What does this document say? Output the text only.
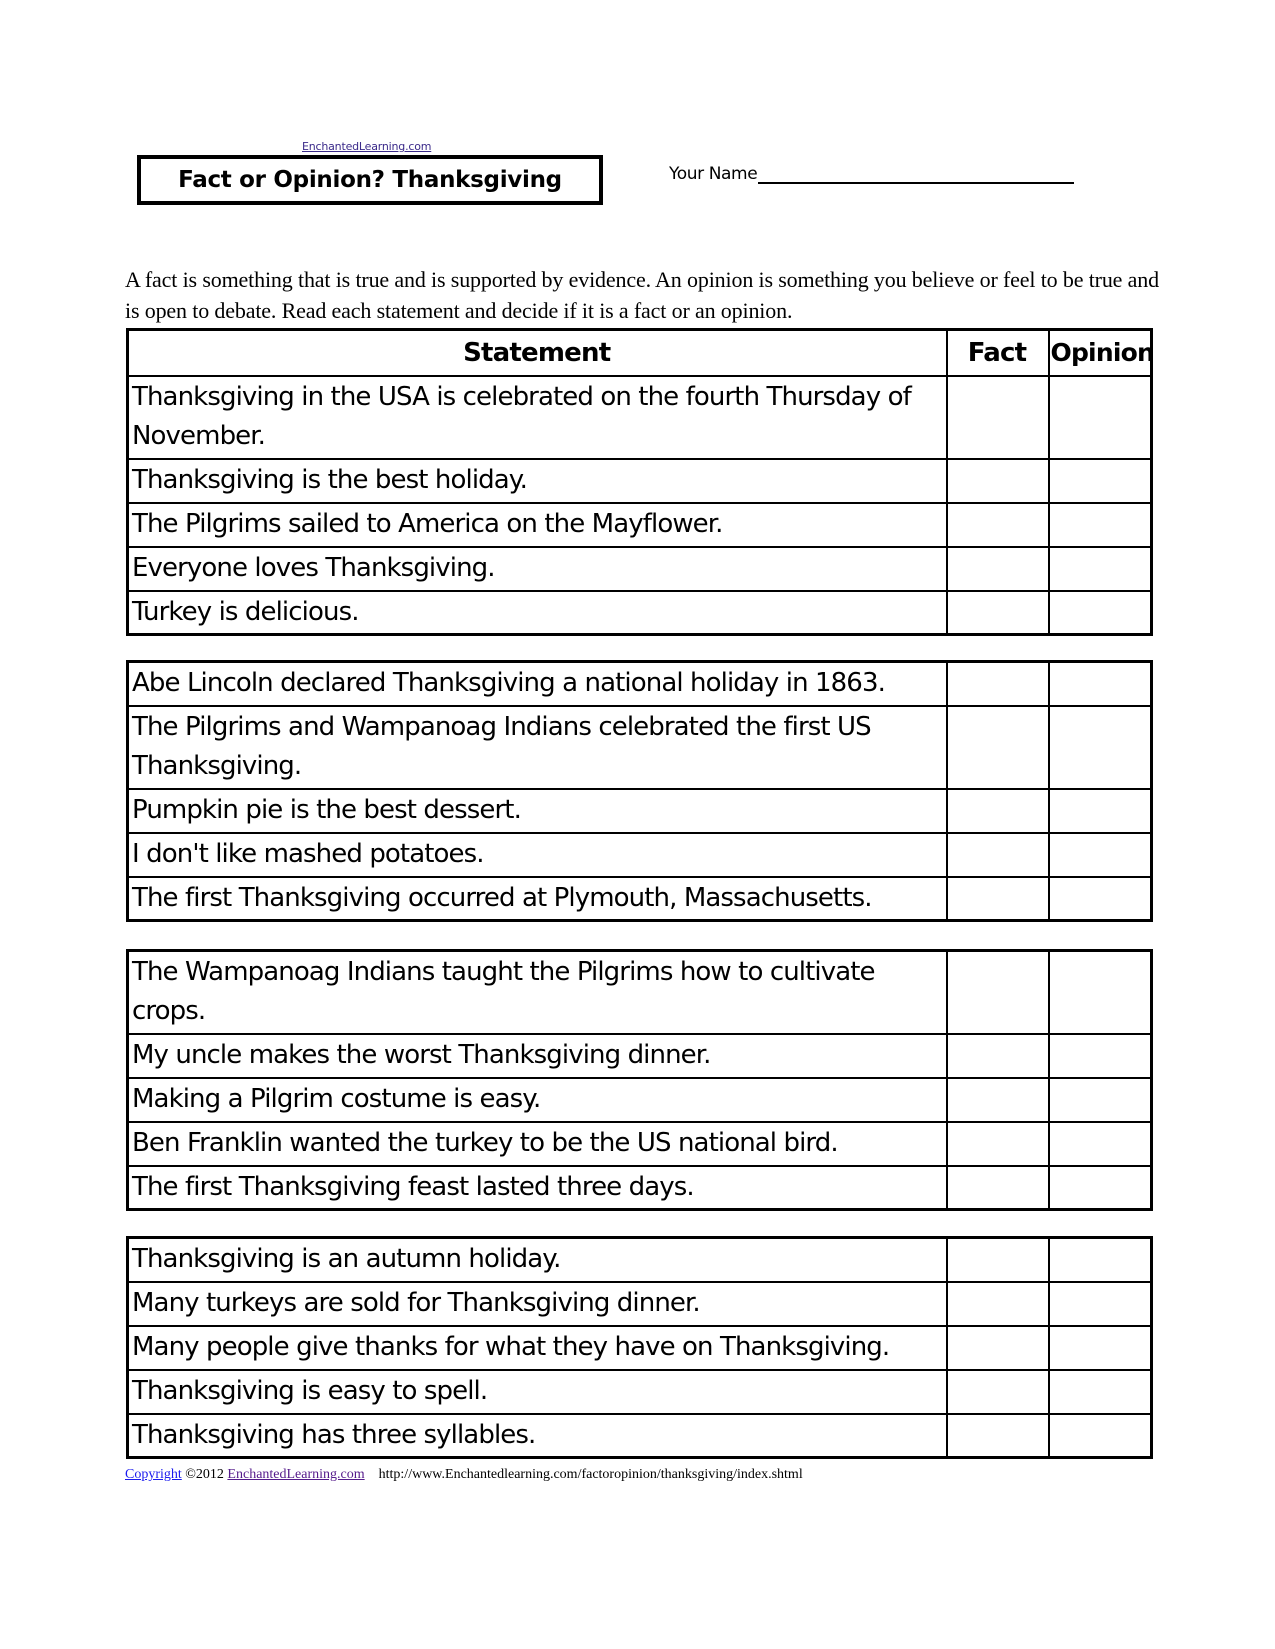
EnchantedLearning.com
Fact or Opinion? Thanksgiving	Your Name

A fact is something that is true and is supported by evidence. An opinion is something you believe or feel to be true and is open to debate. Read each statement and decide if it is a fact or an opinion.

Statement	Fact	Opinion
Thanksgiving in the USA is celebrated on the fourth Thursday of November.	

Thanksgiving is the best holiday.	

The Pilgrims sailed to America on the Mayflower.	

Everyone loves Thanksgiving.	

Turkey is delicious.	

Abe Lincoln declared Thanksgiving a national holiday in 1863.	

The Pilgrims and Wampanoag Indians celebrated the first US Thanksgiving.	

Pumpkin pie is the best dessert.	

I don't like mashed potatoes.	

The first Thanksgiving occurred at Plymouth, Massachusetts.	

The Wampanoag Indians taught the Pilgrims how to cultivate crops.	

My uncle makes the worst Thanksgiving dinner.	

Making a Pilgrim costume is easy.	

Ben Franklin wanted the turkey to be the US national bird.	

The first Thanksgiving feast lasted three days.	

Thanksgiving is an autumn holiday.	

Many turkeys are sold for Thanksgiving dinner.	

Many people give thanks for what they have on Thanksgiving.	

Thanksgiving is easy to spell.	

Thanksgiving has three syllables.	

Copyright ©2012 EnchantedLearning.com http://www.Enchantedlearning.com/factoropinion/thanksgiving/index.shtml
